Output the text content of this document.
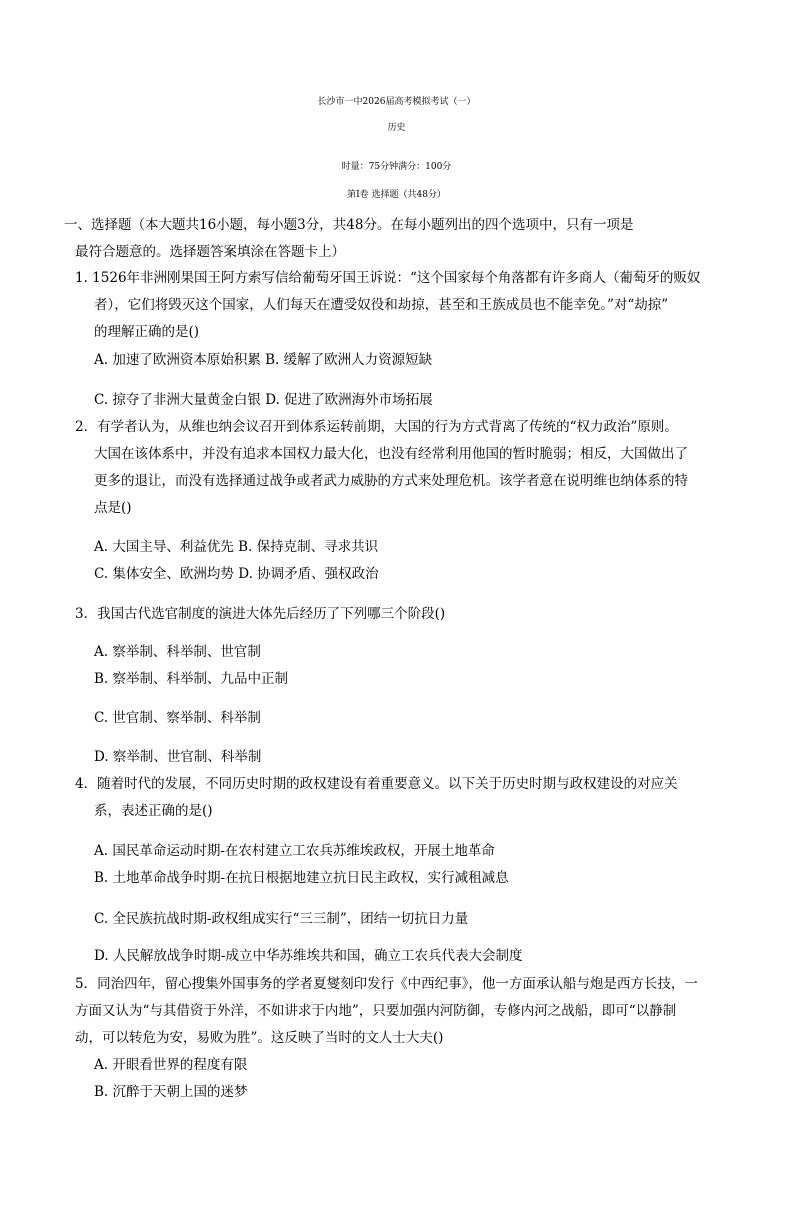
长沙市一中2026届高考模拟考试（一）
历史
时量：75分钟满分：100分
第Ⅰ卷 选择题（共48分）
一、选择题（本大题共16小题，每小题3分，共48分。在每小题列出的四个选项中，只有一项是
最符合题意的。选择题答案填涂在答题卡上）
1. 1526年非洲刚果国王阿方索写信给葡萄牙国王诉说：“这个国家每个角落都有许多商人（葡萄牙的贩奴
者），它们将毁灭这个国家，人们每天在遭受奴役和劫掠，甚至和王族成员也不能幸免。”对“劫掠”
的理解正确的是()
A. 加速了欧洲资本原始积累 B. 缓解了欧洲人力资源短缺
C. 掠夺了非洲大量黄金白银 D. 促进了欧洲海外市场拓展
2．有学者认为，从维也纳会议召开到体系运转前期，大国的行为方式背离了传统的“权力政治”原则。
大国在该体系中，并没有追求本国权力最大化，也没有经常利用他国的暂时脆弱；相反，大国做出了
更多的退让，而没有选择通过战争或者武力威胁的方式来处理危机。该学者意在说明维也纳体系的特
点是()
A. 大国主导、利益优先 B. 保持克制、寻求共识
C. 集体安全、欧洲均势 D. 协调矛盾、强权政治
3．我国古代选官制度的演进大体先后经历了下列哪三个阶段()
A. 察举制、科举制、世官制
B. 察举制、科举制、九品中正制
C. 世官制、察举制、科举制
D. 察举制、世官制、科举制
4．随着时代的发展，不同历史时期的政权建设有着重要意义。以下关于历史时期与政权建设的对应关
系，表述正确的是()
A. 国民革命运动时期-在农村建立工农兵苏维埃政权，开展土地革命
B. 土地革命战争时期-在抗日根据地建立抗日民主政权，实行减租减息
C. 全民族抗战时期-政权组成实行“三三制”，团结一切抗日力量
D. 人民解放战争时期-成立中华苏维埃共和国，确立工农兵代表大会制度
5．同治四年，留心搜集外国事务的学者夏燮刻印发行《中西纪事》，他一方面承认船与炮是西方长技，一
方面又认为“与其借资于外洋，不如讲求于内地”，只要加强内河防御，专修内河之战船，即可“以静制
动，可以转危为安，易败为胜”。这反映了当时的文人士大夫()
A. 开眼看世界的程度有限
B. 沉醉于天朝上国的迷梦
